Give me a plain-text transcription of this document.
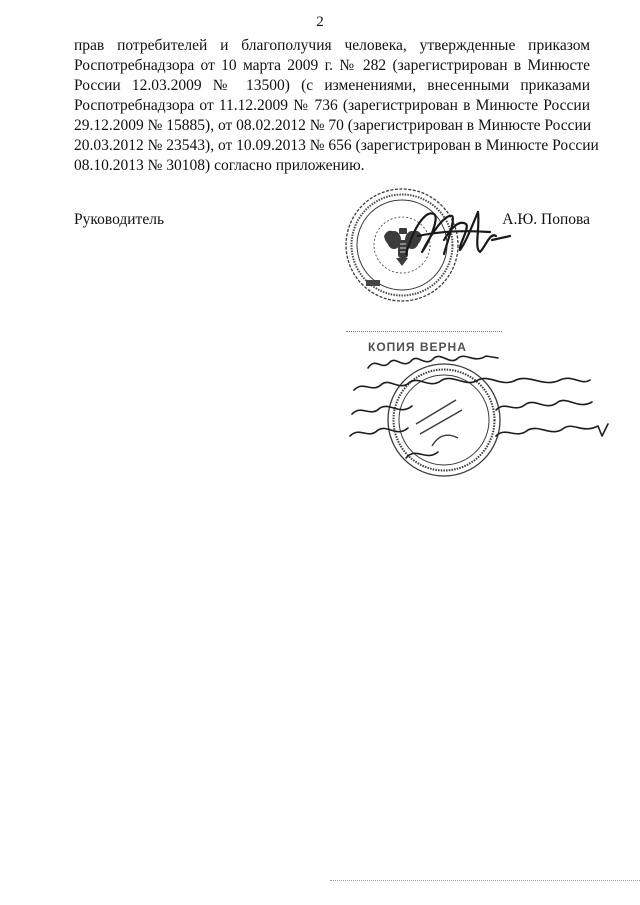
2
прав потребителей и благополучия человека, утвержденные приказом
Роспотребнадзора от 10 марта 2009 г. № 282 (зарегистрирован в Минюсте
России 12.03.2009 № 13500) (с изменениями, внесенными приказами
Роспотребнадзора от 11.12.2009 № 736 (зарегистрирован в Минюсте России
29.12.2009 № 15885), от 08.02.2012 № 70 (зарегистрирован в Минюсте России
20.03.2012 № 23543), от 10.09.2013 № 656 (зарегистрирован в Минюсте России
08.10.2013 № 30108) согласно приложению.
Руководитель	А.Ю. Попова
КОПИЯ ВЕРНА
